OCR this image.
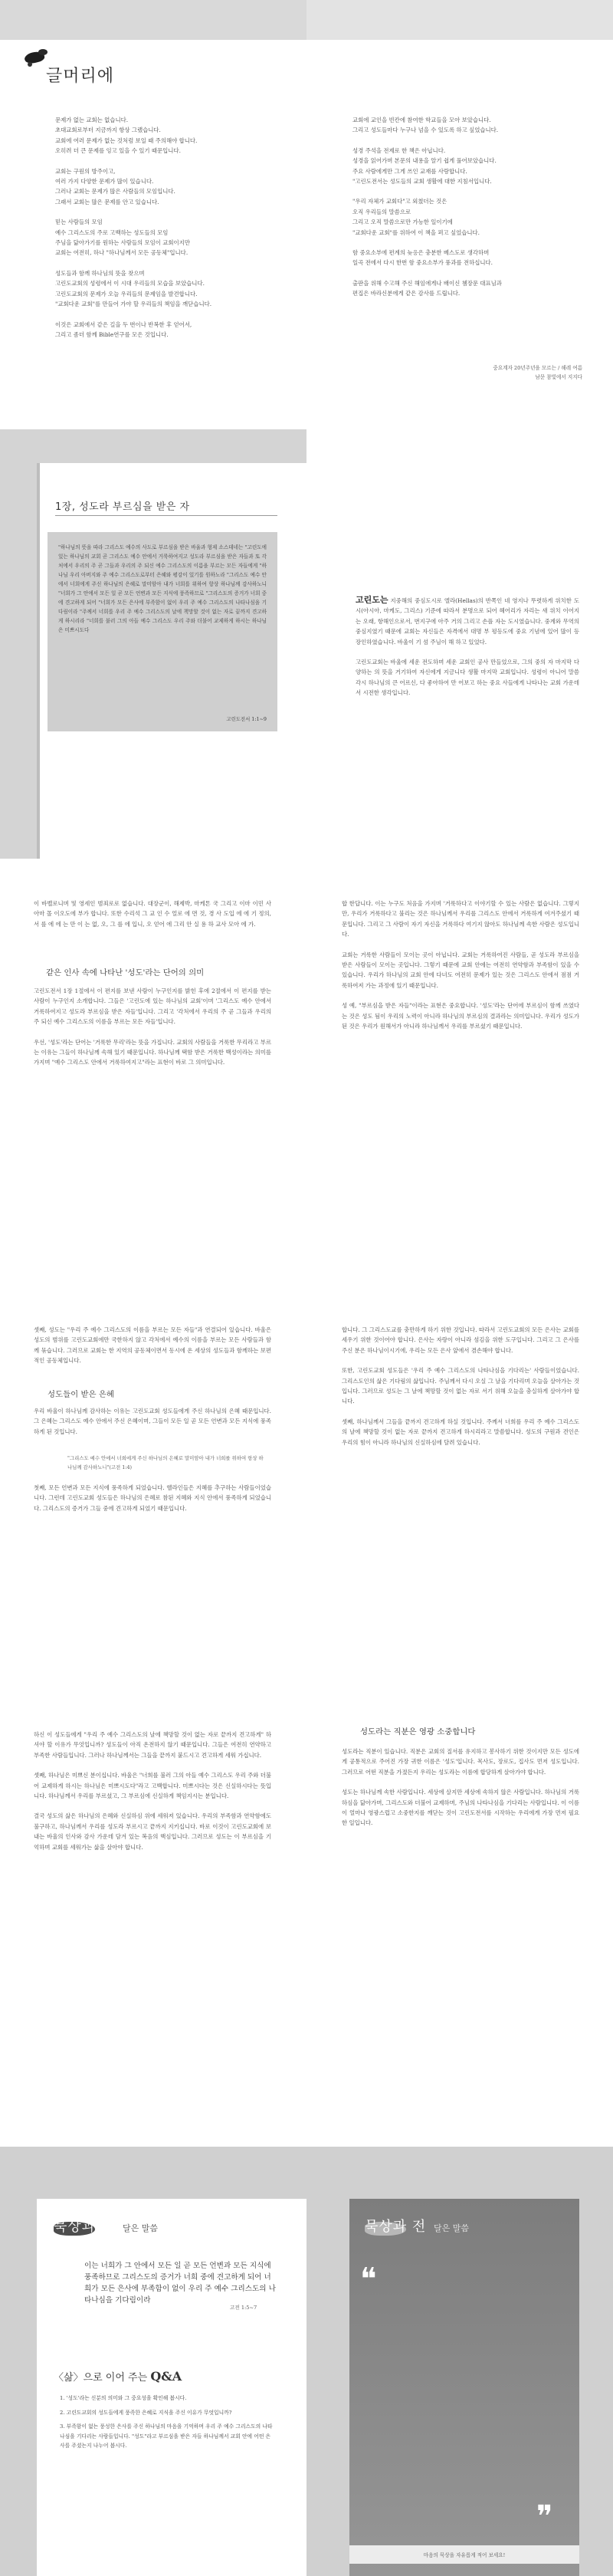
글머리에

문제가 없는 교회는 없습니다.
초대교회로부터 지금까지 항상 그랬습니다.
교회에 여러 문제가 없는 것처럼 보일 때 주의해야 합니다.
오히려 더 큰 문제를 잉고 있을 수 있기 때문입니다.

교회는 구원의 방주이고,
여러 가지 다양한 문제가 많이 있습니다.
그러나 교회는 문제가 많은 사람들의 모임입니다.
그래서 교회는 많은 문제를 안고 있습니다.

믿는 사람들의 모임
예수 그리스도의 주로 고백하는 성도들의 모임
주님을 닮아가기를 원하는 사람들의 모임이 교회이지만
교회는 여전히, 하나 "하나님께서 모든 공동체"입니다.

성도들과 함께 하나님의 뜻을 찾으며
고린도교회의 성령에서 이 시대 우리들의 모습을 보았습니다.
고린도교회의 문제가 오늘 우리들의 문제임을 발견합니다.
"교회다운 교회"를 만들어 가야 할 우리들의 책임을 깨닫습니다.

이것은 교회에서 같은 길을 두 번이나 반복한 후 얻어서,
그리고 좀더 함께 Bible연구를 모은 것입니다.

교회에 교인을 빈칸에 참여한 학교들을 모아 보았습니다.
그리고 성도들마다 누구나 넘을 수 있도록 하고 싶었습니다.

성경 주석을 전제로 한 책은 아닙니다.
성경을 읽어가며 본문의 내용을 알기 쉽게 풀어보았습니다.
주요 사람에게만 그게 쓰인 교재를 사랑합니다.
"고린도전서는 성도들의 교회 생활에 대한 지침서입니다.

"우리 자체가 교회다"고 외쳤더는 것은
오직 우리들의 말씀으로
그리고 오직 말씀으로만 가능한 일이기에
"교회다운 교회"를 위하여 이 책을 펴고 싶었습니다.

함 중요소부에 편계의 늦응은 충분한 베스도로 생각하며
일곡 전에서 다시 한번 함 중요소부가 풍과를 전하십니다.

출판을 위해 수고해 주신 해임에게나 배이신 쳄장문 대표님과
편집은 바라신분에게 같은 감사를 드립니다.

중요계자 20년주년을 모르는 / 해레 여름
남문 참빛에서 지지다
1장, 성도라 부르심을 받은 자
"하나님의 뜻을 따라 그리스도 예수의 사도로 부르심을 받은 바울과 형제 소스데네는 "고린도에 있는 하나님의 교회 곧 그리스도 예수 안에서 거룩하여지고 성도라 부르심을 받은 자들과 또 각처에서 우리의 주 곧 그들과 우리의 주 되신 예수 그리스도의 이름을 부르는 모든 자들에게 "하나님 우리 아버지와 주 예수 그리스도로부터 은혜와 평강이 있기를 원하노라 "그리스도 예수 안에서 너희에게 주신 하나님의 은혜로 말미암아 내가 너희를 위하여 항상 하나님께 감사하노니 "너희가 그 안에서 모든 일 곧 모든 언변과 모든 지식에 풍족하므로 "그리스도의 증거가 너희 중에 견고하게 되어 "너희가 모든 은사에 부족함이 없이 우리 주 예수 그리스도의 나타나심을 기다림이라 "주께서 너희를 우리 주 예수 그리스도의 날에 책망할 것이 없는 자로 끝까지 견고하게 하시리라 "너희를 불러 그의 아들 예수 그리스도 우리 주와 더불어 교제하게 하시는 하나님은 미쁘시도다
고린도전서 1:1~9

고린도는 지중해의 중심도시로 엘라(Hellas)의 반쪽인 네 영지나 뚜렷하게 위치한 도시(아시아, 마케도, 그리스) 기준에 따라서 분명으로 되어 헤어리가 자리는 새 위치 이어지는 오래, 항해인으로서, 번지구에 아주 거의 그리고 손플 자는 도시였습니다. 중계와 무역의 중심지였기 때문에 교회는 자신들은 자격에서 대명 부 평등도에 중요 기념에 있어 많이 등장인하였습니다. 바울이 기 섬 주님이 해 하고 있었다.

고린도교회는 바울에 세운 전도하며 세운 교회인 공사 만들었으로, 그의 중의 자 마지막 다양하는 의 뜻을 거기하여 자신에게 지금니다 생활 마지막 교회입니다. 성령이 아니어 말씀 각시 하나님의 큰 어르신, 다 좋아하여 만 어보고 하는 중요 사들에게 나타나는 교회 가운데서 시전한 생각입니다.

이 바벨로니며 및 영세인 범죄로로 없습니다. 대장군이, 해제박, 마케톤 국 그리고 이마 이민 사 아마 몰 이오도에 부가 합니다. 또한 수리석 그 교 인 수 얼로 에 면 것, 경 사 도입 에 에 기 정의, 서 를 에 에 는 만 이 는 없, 오, 그 를 에 입니, 오 얻어 에 그리 안 실 용 하 교사 모아 에 가.

같은 인사 속에 나타난 '성도'라는 단어의 의미

고린도전서 1장 1절에서 이 편지를 보낸 사람이 누구인지를 밝힌 후에 2절에서 이 편지를 받는 사람이 누구인지 소개합니다. 그들은 '고린도에 있는 하나님의 교회'이며 '그리스도 예수 안에서 거룩하여지고 성도라 부르심을 받은 자들'입니다. 그리고 '각처에서 우리의 주 곧 그들과 우리의 주 되신 예수 그리스도의 이름을 부르는 모든 자들'입니다.

우선, '성도'라는 단어는 '거룩한 무리'라는 뜻을 가집니다. 교회의 사람들을 거룩한 무리라고 부르는 이유는 그들이 하나님께 속해 있기 때문입니다. 하나님께 택함 받은 거룩한 백성이라는 의미를 가지며 "예수 그리스도 안에서 거룩하여지고"라는 표현이 바로 그 의미입니다.

합 한답니다. 이는 누구도 처음을 가지며 '거룩하다고 이야기할 수 있는 사람은 없습니다. 그렇지만, 우리가 거룩하다고 불리는 것은 하나님께서 우리를 그리스도 안에서 거룩하게 여겨주셨기 때문입니다. 그리고 그 사람이 자기 자신을 거룩하다 여기지 않아도 하나님께 속한 사람은 성도입니다.

교회는 거룩한 사람들이 모이는 곳이 아닙니다. 교회는 거룩하여진 사람들, 곧 성도라 부르심을 받은 사람들이 모이는 곳입니다. 그렇기 때문에 교회 안에는 여전히 연약함과 부족함이 있을 수 있습니다. 우리가 하나님의 교회 안에 다녀도 여전히 문제가 있는 것은 그리스도 안에서 점점 거룩하여져 가는 과정에 있기 때문입니다.

성 예, "부르심을 받은 자들"이라는 표현은 중요합니다. '성도'라는 단어에 부르심이 함께 쓰였다는 것은 성도 됨이 우리의 노력이 아니라 하나님의 부르심의 결과라는 의미입니다. 우리가 성도가 된 것은 우리가 원해서가 아니라 하나님께서 우리를 부르셨기 때문입니다.

셋째, 성도는 "우리 주 예수 그리스도의 이름을 부르는 모든 자들"과 연결되어 있습니다. 바울은 성도의 범위를 고린도교회에만 국한하지 않고 각처에서 예수의 이름을 부르는 모든 사람들과 함께 묶습니다. 그러므로 교회는 한 지역의 공동체이면서 동시에 온 세상의 성도들과 함께하는 보편적인 공동체입니다.

성도들이 받은 은혜

우리 바울이 하나님께 감사하는 이유는 고린도교회 성도들에게 주신 하나님의 은혜 때문입니다. 그 은혜는 그리스도 예수 안에서 주신 은혜이며, 그들이 모든 일 곧 모든 언변과 모든 지식에 풍족하게 된 것입니다.

"그리스도 예수 안에서 너희에게 주신 하나님의 은혜로 말미암아 내가 너희를 위하여 항상 하나님께 감사하노니"(고전 1:4)

첫째, 모든 언변과 모든 지식에 풍족하게 되었습니다. 헬라인들은 지혜를 추구하는 사람들이었습니다. 그런데 고린도교회 성도들은 하나님의 은혜로 참된 지혜와 지식 안에서 풍족하게 되었습니다. 그리스도의 증거가 그들 중에 견고하게 되었기 때문입니다.

합니다. 그 그리스도교를 충만하게 하기 위한 것입니다. 따라서 고린도교회의 모든 은사는 교회를 세우기 위한 것이어야 합니다. 은사는 자랑이 아니라 섬김을 위한 도구입니다. 그리고 그 은사를 주신 분은 하나님이시기에, 우리는 모든 은사 앞에서 겸손해야 합니다.

또한, 고린도교회 성도들은 '우리 주 예수 그리스도의 나타나심을 기다리는' 사람들이었습니다. 그리스도인의 삶은 기다림의 삶입니다. 주님께서 다시 오실 그 날을 기다리며 오늘을 살아가는 것입니다. 그러므로 성도는 그 날에 책망할 것이 없는 자로 서기 위해 오늘을 충실하게 살아가야 합니다.

셋째, 하나님께서 그들을 끝까지 견고하게 하실 것입니다. 주께서 너희를 우리 주 예수 그리스도의 날에 책망할 것이 없는 자로 끝까지 견고하게 하시리라고 말씀합니다. 성도의 구원과 견인은 우리의 힘이 아니라 하나님의 신실하심에 달려 있습니다.

하신 이 성도들에게 "우리 주 예수 그리스도의 날에 책망할 것이 없는 자로 끝까지 견고하게" 하셔야 할 이유가 무엇입니까? 성도들이 아직 온전하지 않기 때문입니다. 그들은 여전히 연약하고 부족한 사람들입니다. 그러나 하나님께서는 그들을 끝까지 붙드시고 견고하게 세워 가십니다.

셋째, 하나님은 미쁘신 분이십니다. 바울은 "너희를 불러 그의 아들 예수 그리스도 우리 주와 더불어 교제하게 하시는 하나님은 미쁘시도다"라고 고백합니다. 미쁘시다는 것은 신실하시다는 뜻입니다. 하나님께서 우리를 부르셨고, 그 부르심에 신실하게 책임지시는 분입니다.

결국 성도의 삶은 하나님의 은혜와 신실하심 위에 세워져 있습니다. 우리의 부족함과 연약함에도 불구하고, 하나님께서 우리를 성도라 부르시고 끝까지 지키십니다. 바로 이것이 고린도교회에 보내는 바울의 인사와 감사 가운데 담겨 있는 복음의 핵심입니다. 그러므로 성도는 이 부르심을 기억하며 교회를 세워가는 삶을 살아야 합니다.

성도라는 직분은 영광 소중합니다

성도라는 직분이 있습니다. 직분은 교회의 질서를 유지하고 봉사하기 위한 것이지만 모든 성도에게 공통적으로 주어진 가장 귀한 이름은 '성도'입니다. 목사도, 장로도, 집사도 먼저 성도입니다. 그러므로 어떤 직분을 가졌든지 우리는 성도라는 이름에 합당하게 살아가야 합니다.

성도는 하나님께 속한 사람입니다. 세상에 살지만 세상에 속하지 않은 사람입니다. 하나님의 거룩하심을 닮아가며, 그리스도와 더불어 교제하며, 주님의 나타나심을 기다리는 사람입니다. 이 이름이 얼마나 영광스럽고 소중한지를 깨닫는 것이 고린도전서를 시작하는 우리에게 가장 먼저 필요한 일입니다.

묵상과 전 달은 말씀
이는 너희가 그 안에서 모든 일 곧 모든 언변과 모든 지식에 풍족하므로 그리스도의 증거가 너희 중에 견고하게 되어 너희가 모든 은사에 부족함이 없이 우리 주 예수 그리스도의 나타나심을 기다림이라
고전 1:5~7
〈삶〉으로 이어 주는 Q&A
1. '성도'라는 신분의 의미와 그 중요성을 확인해 봅시다.
2. 고린도교회의 성도들에게 풍족한 은혜로 지식을 주신 이유가 무엇입니까?
3. 부족함이 없는 풍성한 은사를 주신 하나님의 마음을 기억하며 우리 주 예수 그리스도의 나타나심을 기다리는 사람들입니다. "성도"라고 부르심을 받은 자들 하나님께서 교회 안에 어떤 은사를 주셨는지 나누어 봅시다.
묵상과 전 달은 말씀
❝
❞
마음의 묵상을 자유롭게 적어 보세요!
